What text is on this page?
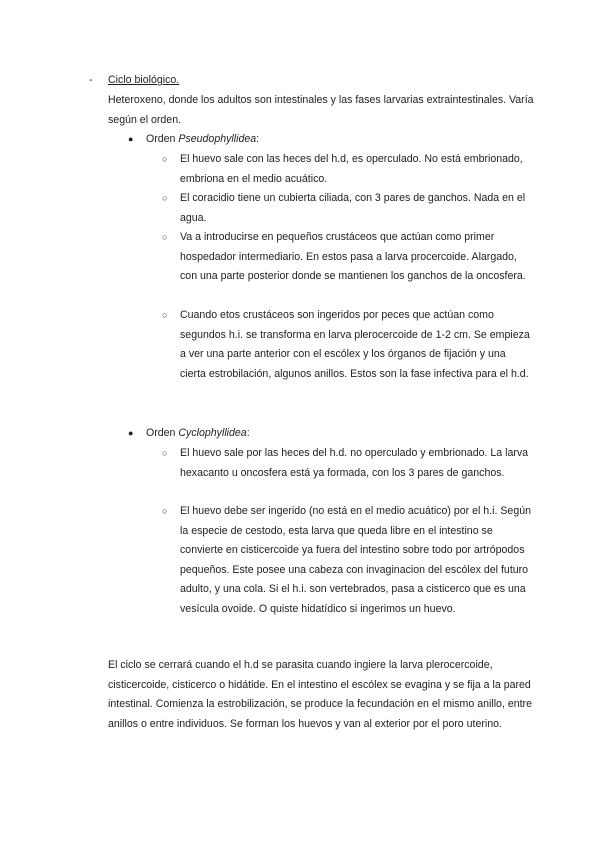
- Ciclo biológico.
Heteroxeno, donde los adultos son intestinales y las fases larvarias extraintestinales. Varía según el orden.
● Orden Pseudophyllidea:
○ El huevo sale con las heces del h.d, es operculado. No está embrionado, embriona en el medio acuático.
○ El coracidio tiene un cubierta ciliada, con 3 pares de ganchos. Nada en el agua.
○ Va a introducirse en pequeños crustáceos que actúan como primer hospedador intermediario. En estos pasa a larva procercoide. Alargado, con una parte posterior donde se mantienen los ganchos de la oncosfera.
○ Cuando etos crustáceos son ingeridos por peces que actúan como segundos h.i. se transforma en larva plerocercoide de 1-2 cm. Se empieza a ver una parte anterior con el escólex y los órganos de fijación y una cierta estrobilación, algunos anillos. Estos son la fase infectiva para el h.d.
● Orden Cyclophyllidea:
○ El huevo sale por las heces del h.d. no operculado y embrionado. La larva hexacanto u oncosfera está ya formada, con los 3 pares de ganchos.
○ El huevo debe ser ingerido (no está en el medio acuático) por el h.i. Según la especie de cestodo, esta larva que queda libre en el intestino se convierte en cisticercoide ya fuera del intestino sobre todo por artrópodos pequeños. Este posee una cabeza con invaginacion del escólex del futuro adulto, y una cola. Si el h.i. son vertebrados, pasa a cisticerco que es una vesícula ovoide. O quiste hidatídico si ingerimos un huevo.
El ciclo se cerrará cuando el h.d se parasita cuando ingiere la larva plerocercoide, cisticercoide, cisticerco o hidátide. En el intestino el escólex se evagina y se fija a la pared intestinal. Comienza la estrobilización, se produce la fecundación en el mismo anillo, entre anillos o entre individuos. Se forman los huevos y van al exterior por el poro uterino.
